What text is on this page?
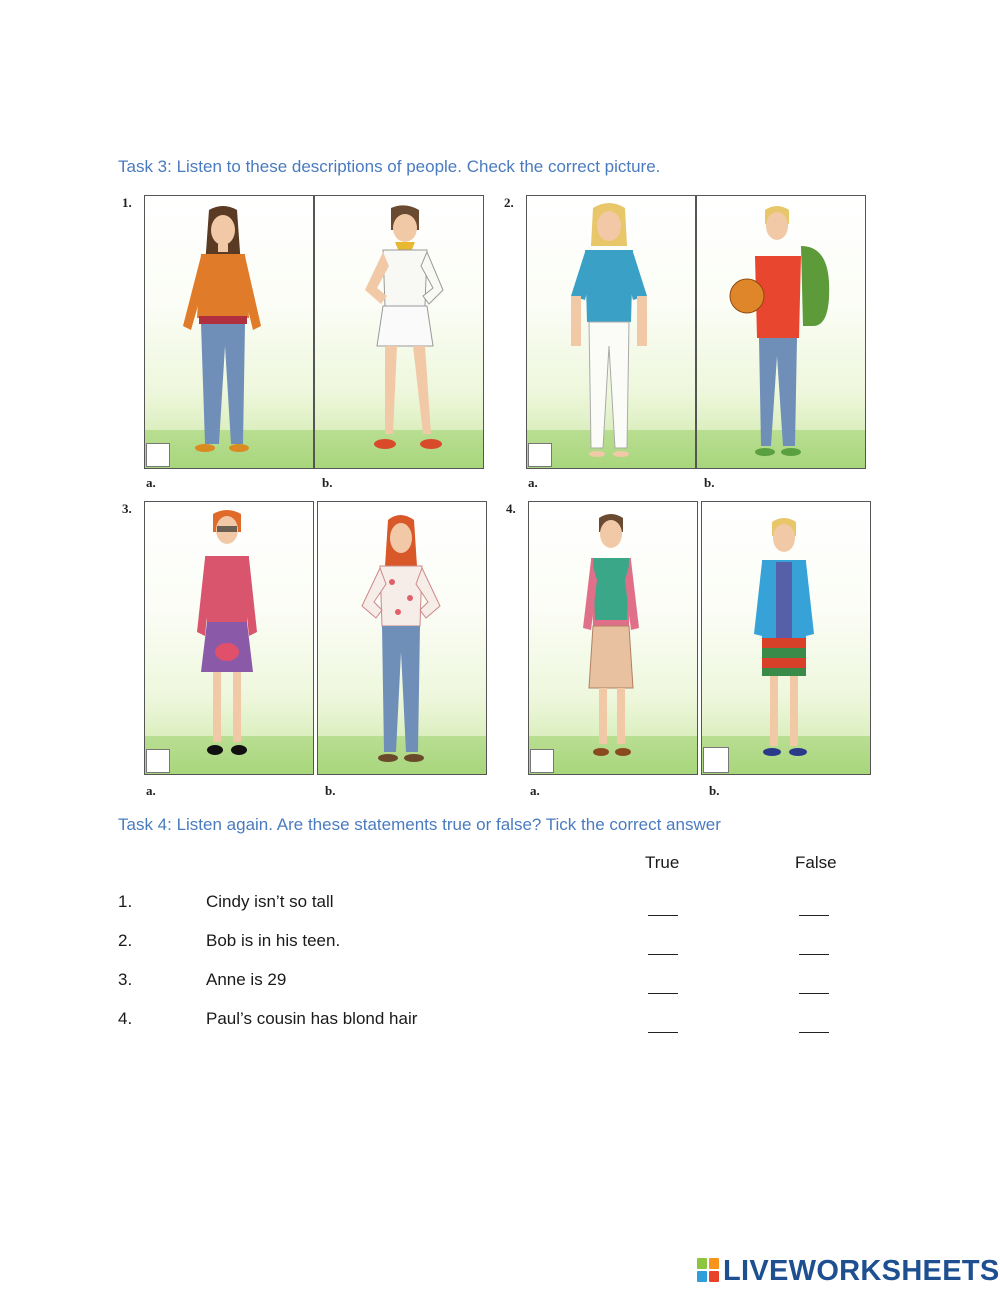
Task 3: Listen to these descriptions of people. Check the correct picture.
1.
a.	b.
2.
a.	b.
3.
a.	b.
4.
a.	b.
Task 4: Listen again. Are these statements true or false? Tick the correct answer
True	False
1.	Cindy isn’t so tall
2.	Bob is in his teen.
3.	Anne is 29
4.	Paul’s cousin has blond hair
LIVEWORKSHEETS
